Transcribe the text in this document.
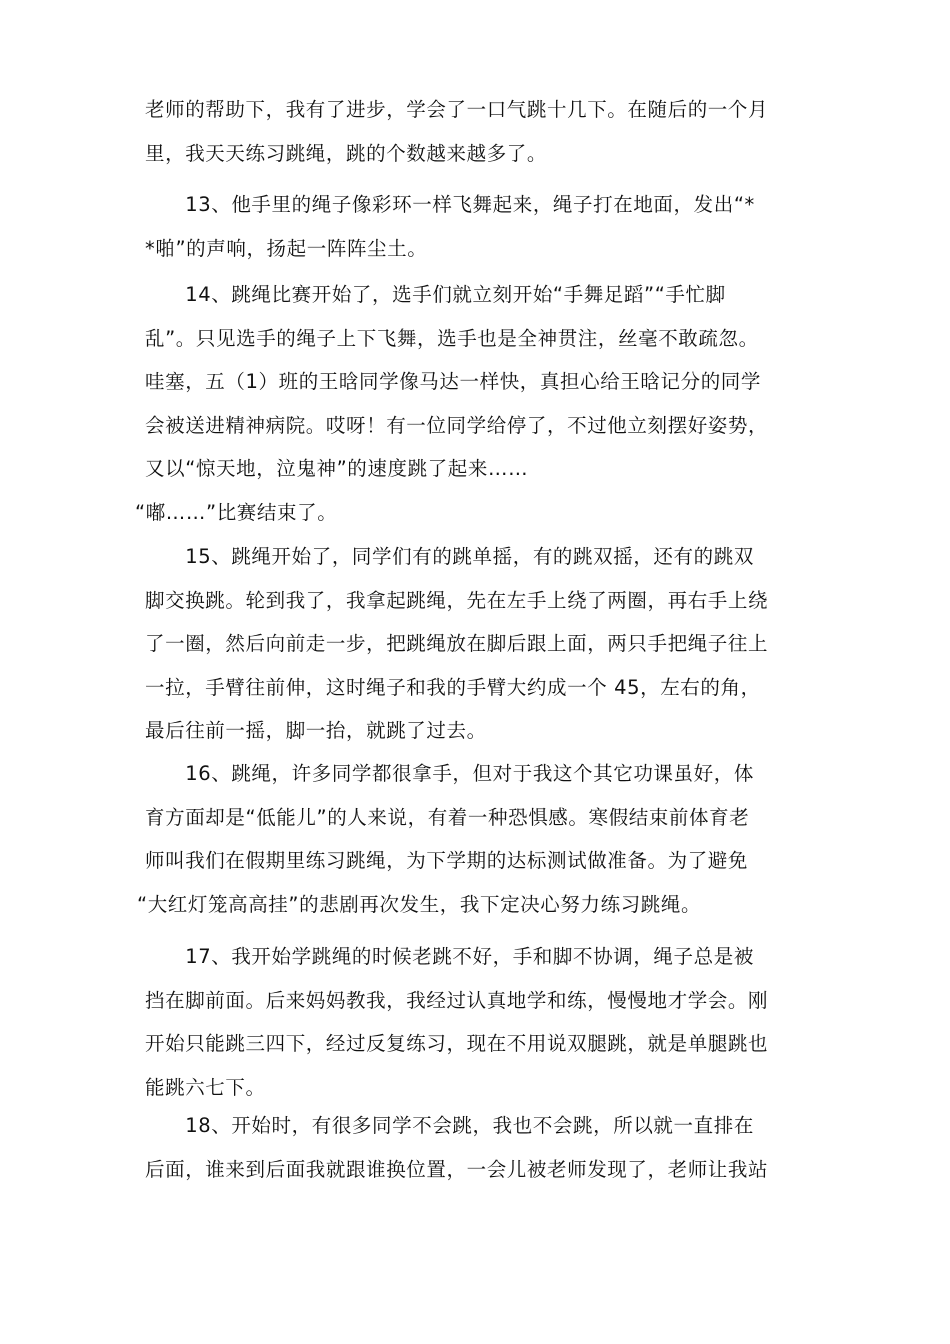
老师的帮助下，我有了进步，学会了一口气跳十几下。在随后的一个月
里，我天天练习跳绳，跳的个数越来越多了。

　　13、他手里的绳子像彩环一样飞舞起来，绳子打在地面，发出“*
*啪”的声响，扬起一阵阵尘土。

　　14、跳绳比赛开始了，选手们就立刻开始“手舞足蹈”“手忙脚
乱”。只见选手的绳子上下飞舞，选手也是全神贯注，丝毫不敢疏忽。
哇塞，五（1）班的王晗同学像马达一样快，真担心给王晗记分的同学
会被送进精神病院。哎呀！有一位同学给停了，不过他立刻摆好姿势，
又以“惊天地，泣鬼神”的速度跳了起来……
“嘟……”比赛结束了。

　　15、跳绳开始了，同学们有的跳单摇，有的跳双摇，还有的跳双
脚交换跳。轮到我了，我拿起跳绳，先在左手上绕了两圈，再右手上绕
了一圈，然后向前走一步，把跳绳放在脚后跟上面，两只手把绳子往上
一拉，手臂往前伸，这时绳子和我的手臂大约成一个 45，左右的角，
最后往前一摇，脚一抬，就跳了过去。

　　16、跳绳，许多同学都很拿手，但对于我这个其它功课虽好，体
育方面却是“低能儿”的人来说，有着一种恐惧感。寒假结束前体育老
师叫我们在假期里练习跳绳，为下学期的达标测试做准备。为了避免
“大红灯笼高高挂”的悲剧再次发生，我下定决心努力练习跳绳。

　　17、我开始学跳绳的时候老跳不好，手和脚不协调，绳子总是被
挡在脚前面。后来妈妈教我，我经过认真地学和练，慢慢地才学会。刚
开始只能跳三四下，经过反复练习，现在不用说双腿跳，就是单腿跳也
能跳六七下。

　　18、开始时，有很多同学不会跳，我也不会跳，所以就一直排在
后面，谁来到后面我就跟谁换位置，一会儿被老师发现了，老师让我站
